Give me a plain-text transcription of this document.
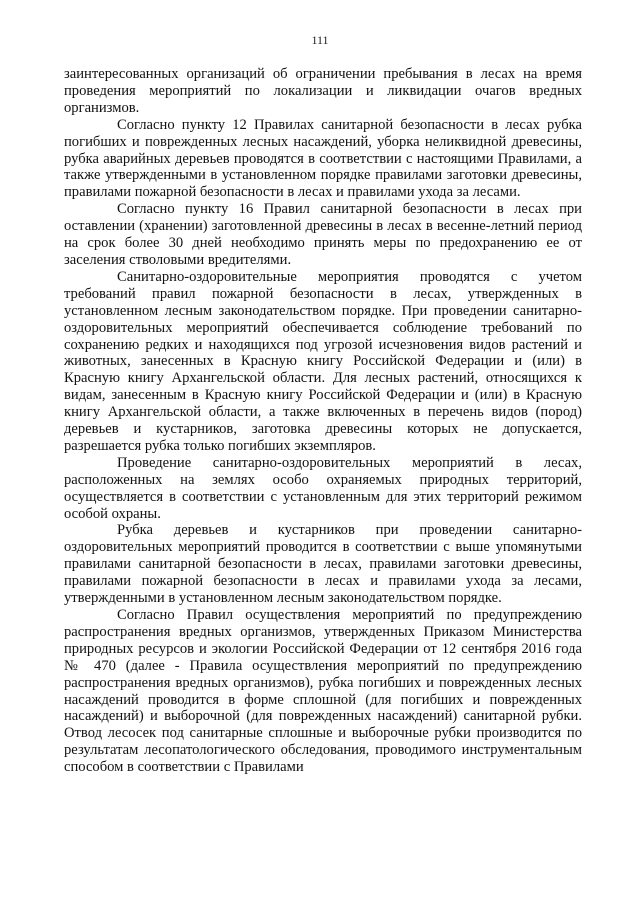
111

заинтересованных организаций об ограничении пребывания в лесах на время проведения мероприятий по локализации и ликвидации очагов вредных организмов.

Согласно пункту 12 Правилах санитарной безопасности в лесах рубка погибших и поврежденных лесных насаждений, уборка неликвидной древесины, рубка аварийных деревьев проводятся в соответствии с настоящими Правилами, а также утвержденными в установленном порядке правилами заготовки древесины, правилами пожарной безопасности в лесах и правилами ухода за лесами.

Согласно пункту 16 Правил санитарной безопасности в лесах при оставлении (хранении) заготовленной древесины в лесах в весенне-летний период на срок более 30 дней необходимо принять меры по предохранению ее от заселения стволовыми вредителями.

Санитарно-оздоровительные мероприятия проводятся с учетом требований правил пожарной безопасности в лесах, утвержденных в установленном лесным законодательством порядке. При проведении санитарно-оздоровительных мероприятий обеспечивается соблюдение требований по сохранению редких и находящихся под угрозой исчезновения видов растений и животных, занесенных в Красную книгу Российской Федерации и (или) в Красную книгу Архангельской области. Для лесных растений, относящихся к видам, занесенным в Красную книгу Российской Федерации и (или) в Красную книгу Архангельской области, а также включенных в перечень видов (пород) деревьев и кустарников, заготовка древесины которых не допускается, разрешается рубка только погибших экземпляров.

Проведение санитарно-оздоровительных мероприятий в лесах, расположенных на землях особо охраняемых природных территорий, осуществляется в соответствии с установленным для этих территорий режимом особой охраны.

Рубка деревьев и кустарников при проведении санитарно-оздоровительных мероприятий проводится в соответствии с выше упомянутыми правилами санитарной безопасности в лесах, правилами заготовки древесины, правилами пожарной безопасности в лесах и правилами ухода за лесами, утвержденными в установленном лесным законодательством порядке.

Согласно Правил осуществления мероприятий по предупреждению распространения вредных организмов, утвержденных Приказом Министерства природных ресурсов и экологии Российской Федерации от 12 сентября 2016 года № 470 (далее - Правила осуществления мероприятий по предупреждению распространения вредных организмов), рубка погибших и поврежденных лесных насаждений проводится в форме сплошной (для погибших и поврежденных насаждений) и выборочной (для поврежденных насаждений) санитарной рубки. Отвод лесосек под санитарные сплошные и выборочные рубки производится по результатам лесопатологического обследования, проводимого инструментальным способом в соответствии с Правилами
